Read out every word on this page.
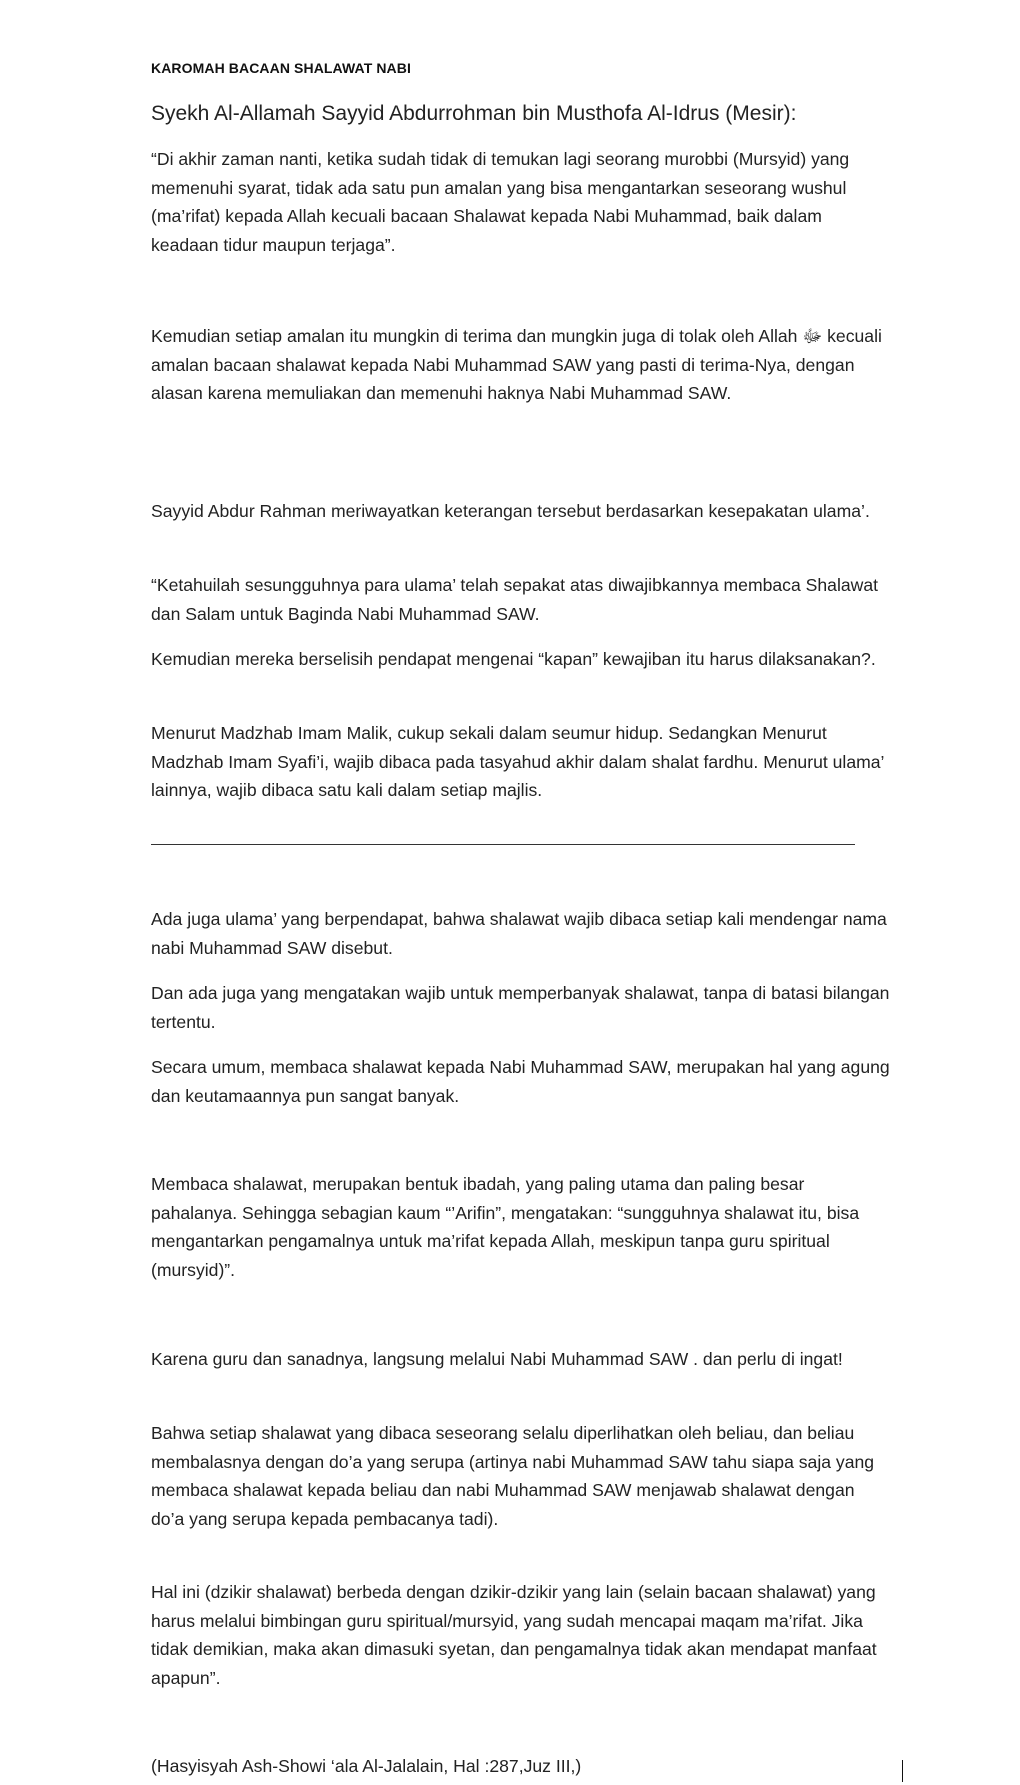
KAROMAH BACAAN SHALAWAT NABI
Syekh Al-Allamah Sayyid Abdurrohman bin Musthofa Al-Idrus (Mesir):

“Di akhir zaman nanti, ketika sudah tidak di temukan lagi seorang murobbi (Mursyid) yang memenuhi syarat, tidak ada satu pun amalan yang bisa mengantarkan seseorang wushul (ma’rifat) kepada Allah kecuali bacaan Shalawat kepada Nabi Muhammad, baik dalam keadaan tidur maupun terjaga”.

Kemudian setiap amalan itu mungkin di terima dan mungkin juga di tolak oleh Allah ﷻ kecuali amalan bacaan shalawat kepada Nabi Muhammad SAW yang pasti di terima-Nya, dengan alasan karena memuliakan dan memenuhi haknya Nabi Muhammad SAW.

Sayyid Abdur Rahman meriwayatkan keterangan tersebut berdasarkan kesepakatan ulama’.

“Ketahuilah sesungguhnya para ulama’ telah sepakat atas diwajibkannya membaca Shalawat dan Salam untuk Baginda Nabi Muhammad SAW.

Kemudian mereka berselisih pendapat mengenai “kapan” kewajiban itu harus dilaksanakan?.

Menurut Madzhab Imam Malik, cukup sekali dalam seumur hidup. Sedangkan Menurut Madzhab Imam Syafi’i, wajib dibaca pada tasyahud akhir dalam shalat fardhu. Menurut ulama’ lainnya, wajib dibaca satu kali dalam setiap majlis.

Ada juga ulama’ yang berpendapat, bahwa shalawat wajib dibaca setiap kali mendengar nama nabi Muhammad SAW disebut.

Dan ada juga yang mengatakan wajib untuk memperbanyak shalawat, tanpa di batasi bilangan tertentu.

Secara umum, membaca shalawat kepada Nabi Muhammad SAW, merupakan hal yang agung dan keutamaannya pun sangat banyak.

Membaca shalawat, merupakan bentuk ibadah, yang paling utama dan paling besar pahalanya. Sehingga sebagian kaum “’Arifin”, mengatakan: “sungguhnya shalawat itu, bisa mengantarkan pengamalnya untuk ma’rifat kepada Allah, meskipun tanpa guru spiritual (mursyid)”.

Karena guru dan sanadnya, langsung melalui Nabi Muhammad SAW . dan perlu di ingat!

Bahwa setiap shalawat yang dibaca seseorang selalu diperlihatkan oleh beliau, dan beliau membalasnya dengan do’a yang serupa (artinya nabi Muhammad SAW tahu siapa saja yang membaca shalawat kepada beliau dan nabi Muhammad SAW menjawab shalawat dengan do’a yang serupa kepada pembacanya tadi).

Hal ini (dzikir shalawat) berbeda dengan dzikir-dzikir yang lain (selain bacaan shalawat) yang harus melalui bimbingan guru spiritual/mursyid, yang sudah mencapai maqam ma’rifat. Jika tidak demikian, maka akan dimasuki syetan, dan pengamalnya tidak akan mendapat manfaat apapun”.

(Hasyisyah Ash-Showi ‘ala Al-Jalalain, Hal :287,Juz III,)
